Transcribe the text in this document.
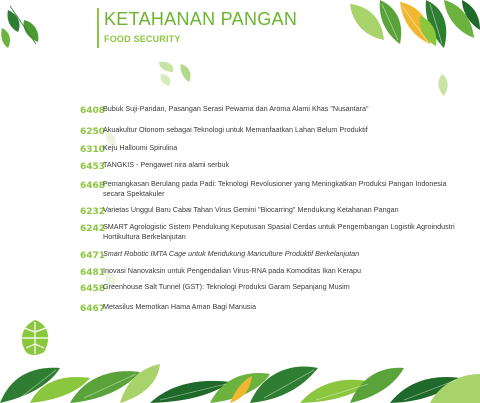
KETAHANAN PANGAN
FOOD SECURITY
6408
Bubuk Suji-Pandan, Pasangan Serasi Pewarna dan Aroma Alami Khas "Nusantara"
6250
Akuakultur Otonom sebagai Teknologi untuk Memanfaatkan Lahan Belum Produktif
6310
Keju Halloumi Spirulina
6453
TANGKIS - Pengawet nira alami serbuk
6468
Pemangkasan Berulang pada Padi: Teknologi Revolusioner yang Meningkatkan Produksi Pangan Indonesia secara Spektakuler
6232
Varietas Unggul Baru Cabai Tahan Virus Gemini "Biocarring" Mendukung Ketahanan Pangan
6242
SMART Agrologistic Sistem Pendukung Keputusan Spasial Cerdas untuk Pengembangan Logistik Agroindustri Hortikultura Berkelanjutan
6471
Smart Robotic IMTA Cage untuk Mendukung Mariculture Produktif Berkelanjutan
6481
Inovasi Nanovaksin untuk Pengendalian Virus-RNA pada Komoditas Ikan Kerapu
6458
Greenhouse Salt Tunnel (GST): Teknologi Produksi Garam Sepanjang Musim
6467
Metasilus Memotkan Hama Aman Bagi Manusia
